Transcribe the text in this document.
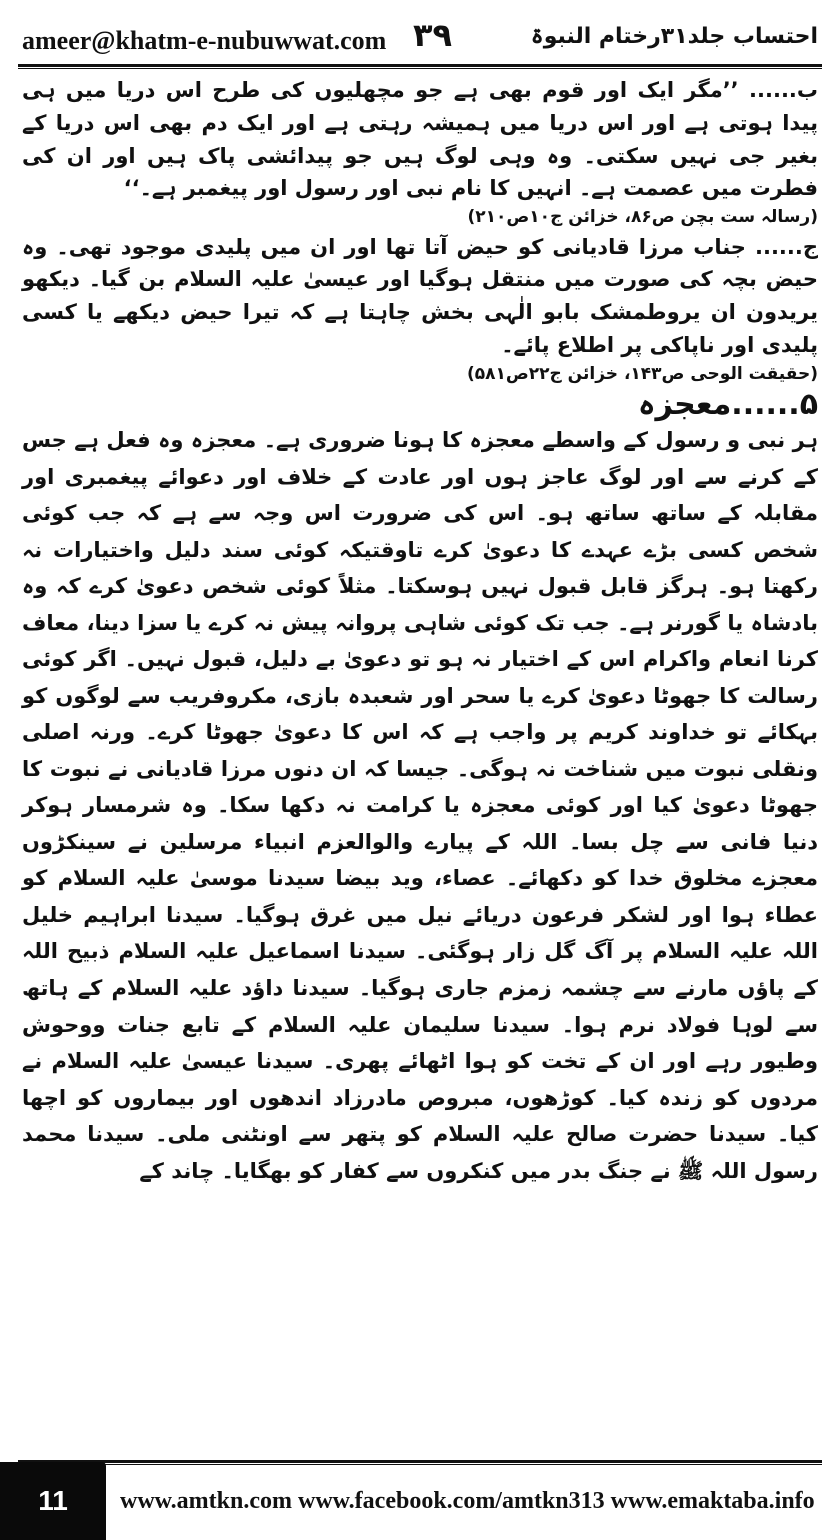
ameer@khatm-e-nubuwwat.com ۳۹	احتساب جلد۳۱رختام النبوۃ

ب...... ’’مگر ایک اور قوم بھی ہے جو مچھلیوں کی طرح اس دریا میں ہی پیدا ہوتی ہے اور اس دریا میں ہمیشہ رہتی ہے اور ایک دم بھی اس دریا کے بغیر جی نہیں سکتی۔ وہ وہی لوگ ہیں جو پیدائشی پاک ہیں اور ان کی فطرت میں عصمت ہے۔ انہیں کا نام نبی اور رسول اور پیغمبر ہے۔‘‘

(رسالہ ست بچن ص۸۶، خزائن ج۱۰ص۲۱۰)

ج...... جناب مرزا قادیانی کو حیض آتا تھا اور ان میں پلیدی موجود تھی۔ وہ حیض بچہ کی صورت میں منتقل ہوگیا اور عیسیٰ علیہ السلام بن گیا۔ دیکھو یریدون ان یروطمشک بابو الٰہی بخش چاہتا ہے کہ تیرا حیض دیکھے یا کسی پلیدی اور ناپاکی پر اطلاع پائے۔

(حقیقت الوحی ص۱۴۳، خزائن ج۲۲ص۵۸۱)

۵......معجزہ

ہر نبی و رسول کے واسطے معجزہ کا ہونا ضروری ہے۔ معجزہ وہ فعل ہے جس کے کرنے سے اور لوگ عاجز ہوں اور عادت کے خلاف اور دعوائے پیغمبری اور مقابلہ کے ساتھ ساتھ ہو۔ اس کی ضرورت اس وجہ سے ہے کہ جب کوئی شخص کسی بڑے عہدے کا دعویٰ کرے تاوقتیکہ کوئی سند دلیل واختیارات نہ رکھتا ہو۔ ہرگز قابل قبول نہیں ہوسکتا۔ مثلاً کوئی شخص دعویٰ کرے کہ وہ بادشاہ یا گورنر ہے۔ جب تک کوئی شاہی پروانہ پیش نہ کرے یا سزا دینا، معاف کرنا انعام واکرام اس کے اختیار نہ ہو تو دعویٰ بے دلیل، قبول نہیں۔ اگر کوئی رسالت کا جھوٹا دعویٰ کرے یا سحر اور شعبدہ بازی، مکروفریب سے لوگوں کو بہکائے تو خداوند کریم پر واجب ہے کہ اس کا دعویٰ جھوٹا کرے۔ ورنہ اصلی ونقلی نبوت میں شناخت نہ ہوگی۔ جیسا کہ ان دنوں مرزا قادیانی نے نبوت کا جھوٹا دعویٰ کیا اور کوئی معجزہ یا کرامت نہ دکھا سکا۔ وہ شرمسار ہوکر دنیا فانی سے چل بسا۔ اللہ کے پیارے والوالعزم انبیاء مرسلین نے سینکڑوں معجزے مخلوق خدا کو دکھائے۔ عصاء، وید بیضا سیدنا موسیٰ علیہ السلام کو عطاء ہوا اور لشکر فرعون دریائے نیل میں غرق ہوگیا۔ سیدنا ابراہیم خلیل اللہ علیہ السلام پر آگ گل زار ہوگئی۔ سیدنا اسماعیل علیہ السلام ذبیح اللہ کے پاؤں مارنے سے چشمہ زمزم جاری ہوگیا۔ سیدنا داؤد علیہ السلام کے ہاتھ سے لوہا فولاد نرم ہوا۔ سیدنا سلیمان علیہ السلام کے تابع جنات ووحوش وطیور رہے اور ان کے تخت کو ہوا اٹھائے پھری۔ سیدنا عیسیٰ علیہ السلام نے مردوں کو زندہ کیا۔ کوڑھوں، مبروص مادرزاد اندھوں اور بیماروں کو اچھا کیا۔ سیدنا حضرت صالح علیہ السلام کو پتھر سے اونٹنی ملی۔ سیدنا محمد رسول اللہ ﷺ نے جنگ بدر میں کنکروں سے کفار کو بھگایا۔ چاند کے

11	www.amtkn.com www.facebook.com/amtkn313 www.emaktaba.info
